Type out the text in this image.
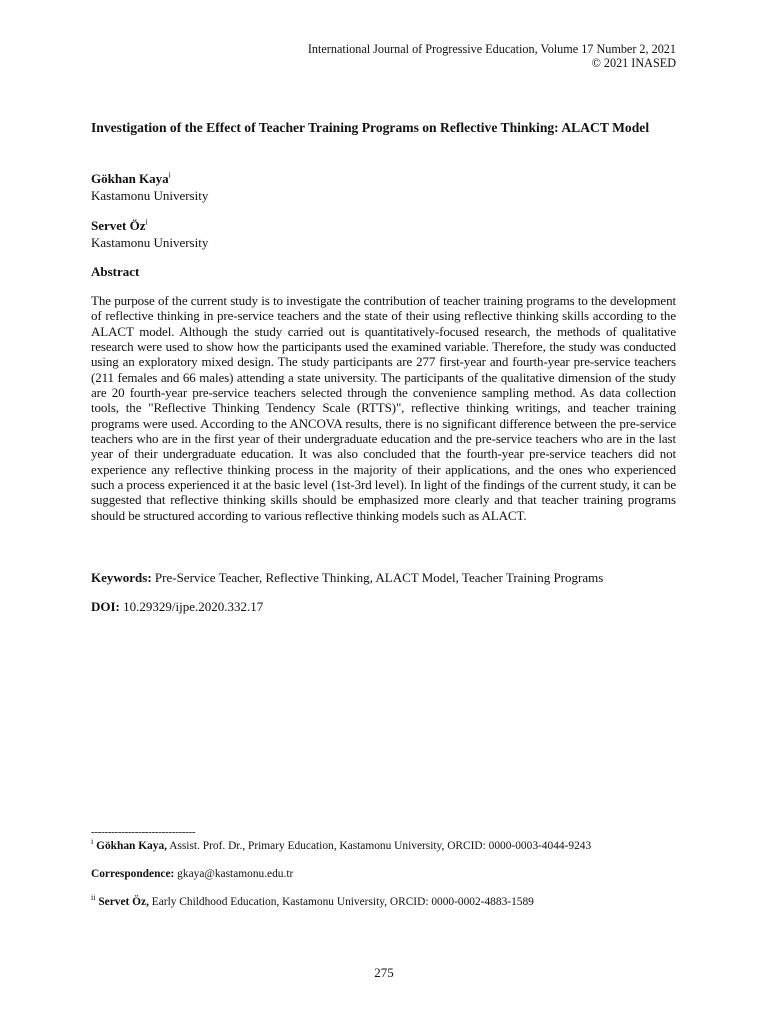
International Journal of Progressive Education, Volume 17 Number 2, 2021
© 2021 INASED
Investigation of the Effect of Teacher Training Programs on Reflective Thinking: ALACT Model
Gökhan Kaya$^i$
Kastamonu University
Servet $Öz^i$
Kastamonu University
Abstract

The purpose of the current study is to investigate the contribution of teacher training programs to the development of reflective thinking in pre-service teachers and the state of their using reflective thinking skills according to the ALACT model. Although the study carried out is quantitatively-focused research, the methods of qualitative research were used to show how the participants used the examined variable. Therefore, the study was conducted using an exploratory mixed design. The study participants are 277 first-year and fourth-year pre-service teachers (211 females and 66 males) attending a state university. The participants of the qualitative dimension of the study are 20 fourth-year pre-service teachers selected through the convenience sampling method. As data collection tools, the "Reflective Thinking Tendency Scale (RTTS)", reflective thinking writings, and teacher training programs were used. According to the ANCOVA results, there is no significant difference between the pre-service teachers who are in the first year of their undergraduate education and the pre-service teachers who are in the last year of their undergraduate education. It was also concluded that the fourth-year pre-service teachers did not experience any reflective thinking process in the majority of their applications, and the ones who experienced such a process experienced it at the basic level (1st-3rd level). In light of the findings of the current study, it can be suggested that reflective thinking skills should be emphasized more clearly and that teacher training programs should be structured according to various reflective thinking models such as ALACT.

Keywords: Pre-Service Teacher, Reflective Thinking, ALACT Model, Teacher Training Programs
DOI: 10.29329/ijpe.2020.332.17
-------------------------------
$^i$ Gökhan Kaya, Assist. Prof. Dr., Primary Education, Kastamonu University, ORCID: 0000-0003-4044-9243
Correspondence: gkaya@kastamonu.edu.tr
$^{ii}$ Servet Öz, Early Childhood Education, Kastamonu University, ORCID: 0000-0002-4883-1589
275
